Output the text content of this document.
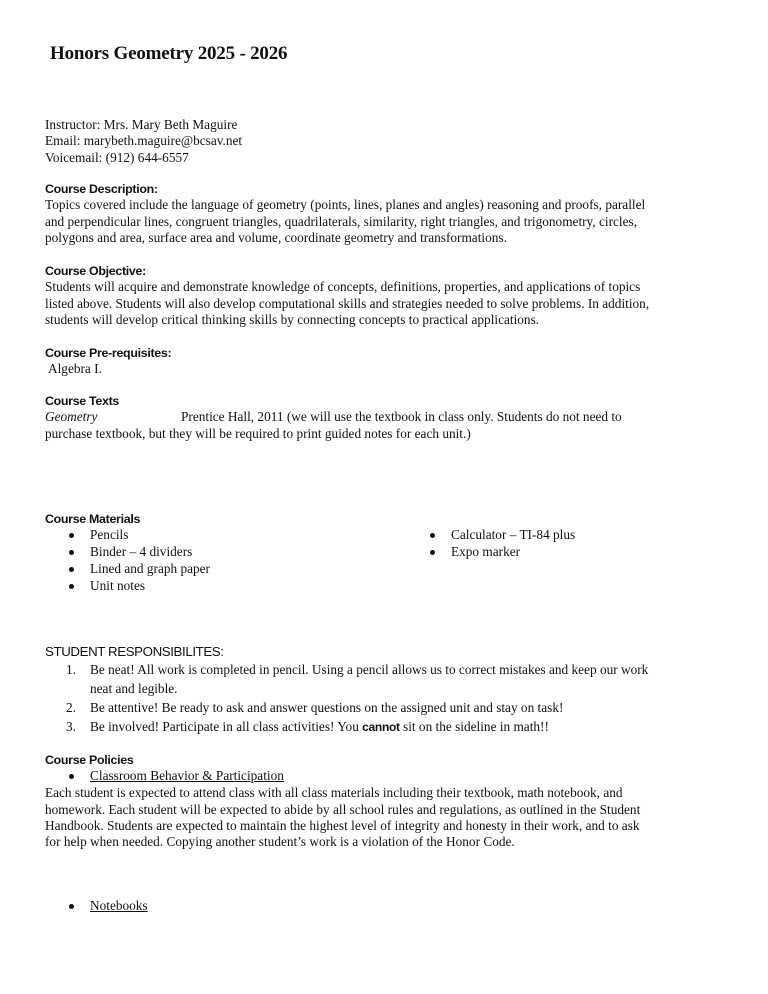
Honors Geometry 2025 - 2026
Instructor: Mrs. Mary Beth Maguire
Email: marybeth.maguire@bcsav.net
Voicemail: (912) 644-6557
Course Description:
Topics covered include the language of geometry (points, lines, planes and angles) reasoning and proofs, parallel
and perpendicular lines, congruent triangles, quadrilaterals, similarity, right triangles, and trigonometry, circles,
polygons and area, surface area and volume, coordinate geometry and transformations.
Course Objective:
Students will acquire and demonstrate knowledge of concepts, definitions, properties, and applications of topics
listed above. Students will also develop computational skills and strategies needed to solve problems. In addition,
students will develop critical thinking skills by connecting concepts to practical applications.
Course Pre-requisites:
Algebra I.
Course Texts
Geometry	Prentice Hall, 2011 (we will use the textbook in class only. Students do not need to
purchase textbook, but they will be required to print guided notes for each unit.)
Course Materials
Pencils
Binder – 4 dividers
Lined and graph paper
Unit notes
Calculator – TI-84 plus
Expo marker
STUDENT RESPONSIBILITES:
1. Be neat! All work is completed in pencil. Using a pencil allows us to correct mistakes and keep our work
neat and legible.
2. Be attentive! Be ready to ask and answer questions on the assigned unit and stay on task!
3. Be involved! Participate in all class activities! You cannot sit on the sideline in math!!
Course Policies
Classroom Behavior & Participation
Each student is expected to attend class with all class materials including their textbook, math notebook, and
homework. Each student will be expected to abide by all school rules and regulations, as outlined in the Student
Handbook. Students are expected to maintain the highest level of integrity and honesty in their work, and to ask
for help when needed. Copying another student’s work is a violation of the Honor Code.
Notebooks
